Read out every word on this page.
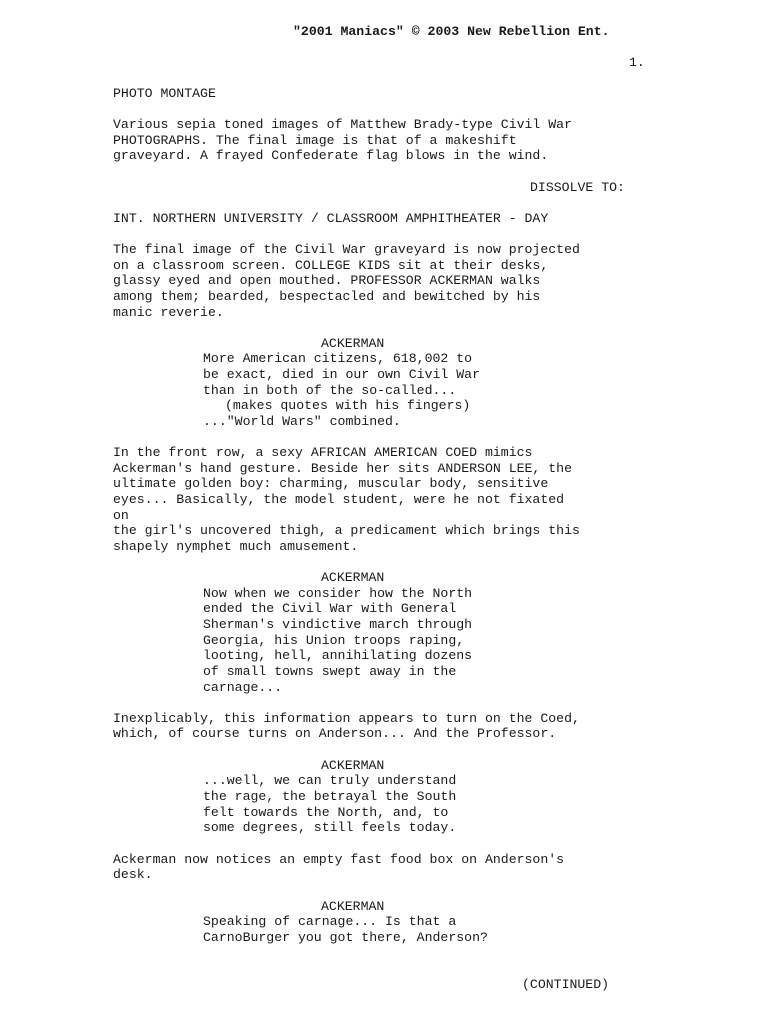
"2001 Maniacs" © 2003 New Rebellion Ent.
1.
PHOTO MONTAGE
Various sepia toned images of Matthew Brady-type Civil War
PHOTOGRAPHS. The final image is that of a makeshift
graveyard. A frayed Confederate flag blows in the wind.
DISSOLVE TO:
INT. NORTHERN UNIVERSITY / CLASSROOM AMPHITHEATER - DAY
The final image of the Civil War graveyard is now projected
on a classroom screen. COLLEGE KIDS sit at their desks,
glassy eyed and open mouthed. PROFESSOR ACKERMAN walks
among them; bearded, bespectacled and bewitched by his
manic reverie.
ACKERMAN
More American citizens, 618,002 to
be exact, died in our own Civil War
than in both of the so-called...
(makes quotes with his fingers)
..."World Wars" combined.
In the front row, a sexy AFRICAN AMERICAN COED mimics
Ackerman's hand gesture. Beside her sits ANDERSON LEE, the
ultimate golden boy: charming, muscular body, sensitive
eyes... Basically, the model student, were he not fixated
on
the girl's uncovered thigh, a predicament which brings this
shapely nymphet much amusement.
ACKERMAN
Now when we consider how the North
ended the Civil War with General
Sherman's vindictive march through
Georgia, his Union troops raping,
looting, hell, annihilating dozens
of small towns swept away in the
carnage...
Inexplicably, this information appears to turn on the Coed,
which, of course turns on Anderson... And the Professor.
ACKERMAN
...well, we can truly understand
the rage, the betrayal the South
felt towards the North, and, to
some degrees, still feels today.
Ackerman now notices an empty fast food box on Anderson's
desk.
ACKERMAN
Speaking of carnage... Is that a
CarnoBurger you got there, Anderson?
(CONTINUED)
